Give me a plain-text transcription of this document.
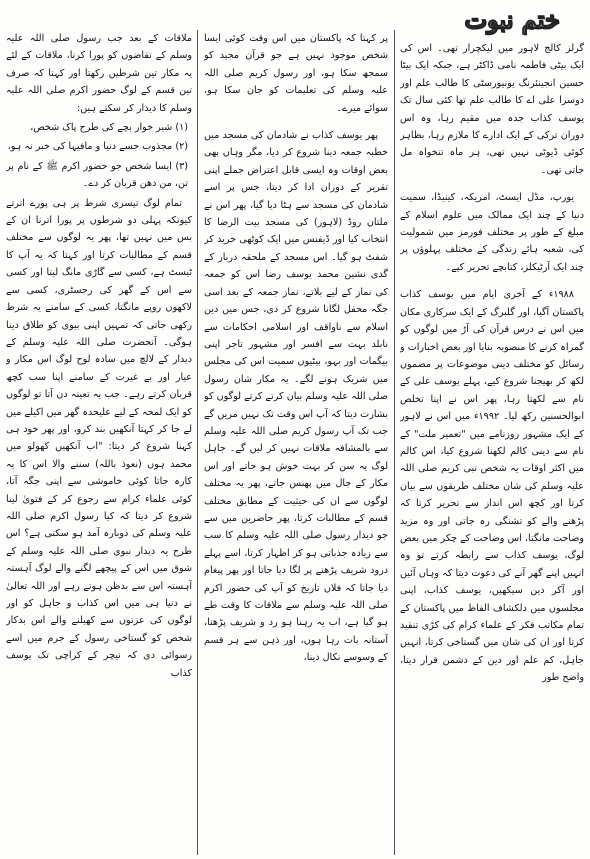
ختم نبوت

گرلز کالج لاہور میں لیکچرار تھی۔ اس کی ایک بیٹی فاطمہ نامی ڈاکٹر ہے، جبکہ ایک بیٹا حسین انجینئرنگ یونیورسٹی کا طالب علم اور دوسرا علی اے کا طالب علم تھا کئی سال تک یوسف کذاب جدہ میں مقیم رہا، وہ اس دوران ترکی کے ایک ادارے کا ملازم رہا، بظاہر کوئی ڈیوٹی نہیں تھی، ہر ماہ تنخواہ مل جاتی تھی۔

یورپ، مڈل ایسٹ، امریکہ، کینیڈا، سمیت دنیا کے چند ایک ممالک میں علوم اسلام کے مبلغ کے طور پر مختلف فورمز میں شمولیت کی، شعبہ ہائے زندگی کے مختلف پہلوؤں پر چند ایک آرٹیکلز، کتابچے تحریر کیے۔

۱۹۸۸ء کے آخری ایام میں یوسف کذاب پاکستان آگیا، اور گلبرگ کے ایک سرکاری مکان میں اس نے درس قرآن کی آڑ میں لوگوں کو گمراہ کرنے کا منصوبہ بنایا اور بعض اخبارات و رسائل کو مختلف دینی موضوعات پر مضمون لکھ کر بھیجنا شروع کیے، پہلے یوسف علی کے نام سے لکھتا رہا، پھر اس نے اپنا تخلص ابوالحسنین رکھ لیا۔ ۱۹۹۲ء میں اس نے لاہور کے ایک مشہور روزنامے میں "تعمیر ملت" کے نام سے دینی کالم لکھنا شروع کیا، اس کالم میں اکثر اوقات یہ شخص نبی کریم صلی اللہ علیہ وسلم کی شان مختلف طریقوں سے بیان کرتا اور کچھ اس انداز سے تحریر کرتا کہ پڑھنے والے کو تشنگی رہ جاتی اور وہ مزید وضاحت مانگتا، اس وضاحت کے چکر میں بعض لوگ، یوسف کذاب سے رابطہ کرتے تو وہ انہیں اپنے گھر آنے کی دعوت دیتا کہ وہاں آئیں اور آکر دین سیکھیں، یوسف کذاب، اپنی مجلسوں میں دلکشاف الفاظ میں پاکستان کے تمام مکاتب فکر کے علماء کرام کی کڑی تنقید کرتا اور ان کی شان میں گستاخی کرتا، انہیں جاہل، کم علم اور دین کے دشمن قرار دیتا، واضح طور

پر کہتا کہ پاکستان میں اس وقت کوئی ایسا شخص موجود نہیں ہے جو قرآن مجید کو سمجھ سکا ہو، اور رسول کریم صلی اللہ علیہ وسلم کی تعلیمات کو جان سکا ہو، سوائے میرے۔

پھر یوسف کذاب نے شادمان کی مسجد میں خطبہ جمعہ دینا شروع کر دیا، مگر وہاں بھی بعض اوقات وہ ایسی قابل اعتراض جملے اپنی تقریر کے دوران ادا کر دیتا، جس پر اسے شادمان کی مسجد سے ہٹا دیا گیا، پھر اس نے ملتان روڈ (لاہور) کی مسجد بیت الرضا کا انتخاب کیا اور ڈیفنس میں ایک کوٹھی خرید کر شفٹ ہو گیا۔ اس مسجد کے ملحقہ دربار کے گدی نشین محمد یوسف رضا اس کو جمعہ کی نماز کے لیے بلاتے، نماز جمعہ کے بعد اسی جگہ محفل لگانا شروع کر دی، جس میں دین اسلام سے ناواقف اور اسلامی احکامات سے نابلد بہت سے افسر اور مشہور تاجر اپنی بیگمات اور بہو، بیٹیوں سمیت اس کی مجلس میں شریک ہونے لگے۔ یہ مکار شان رسول صلی اللہ علیہ وسلم بیان کرتے کرتے لوگوں کو بشارت دیتا کہ آپ اس وقت تک نہیں مریں گے جب تک آپ رسول کریم صلی اللہ علیہ وسلم سے بالمشافہ ملاقات نہیں کر لیں گے۔ جاہل لوگ یہ سن کر بہت خوش ہو جاتے اور اس مکار کے جال میں پھنس جاتے، پھر یہ مختلف لوگوں سے ان کی حیثیت کے مطابق مختلف قسم کے مطالبات کرتا، پھر حاضرین میں سے جو دیدار رسول صلی اللہ علیہ وسلم کا سب سے زیادہ جذباتی ہو کر اظہار کرتا، اسے پہلے درود شریف پڑھنے پر لگا دیا جاتا اور پھر پیغام دیا جاتا کہ فلاں تاریخ کو آپ کی حضور اکرم صلی اللہ علیہ وسلم سے ملاقات کا وقت طے ہو گیا ہے، اب یہ رہنا ہو رد و شریف پڑھنا، آستانہ بات رہا ہوں، اور ذہن سے ہر قسم کے وسوسے نکال دینا،

ملاقات کے بعد جب رسول صلی اللہ علیہ وسلم کے تقاضوں کو پورا کرنا، ملاقات کے لئے یہ مکار تین شرطیں رکھتا اور کہتا کہ صرف تین قسم کے لوگ حضور اکرم صلی اللہ علیہ وسلم کا دیدار کر سکتے ہیں:

(۱) شیر خوار بچے کی طرح پاک شخص،

(۲) مجذوب جسے دنیا و مافیہا کی خبر نہ ہو،

(۳) ایسا شخص جو حضور اکرم ﷺ کے نام پر تن، من دھن قربان کر دے۔

تمام لوگ تیسری شرط پر ہی پورے اترتے کیونکہ پہلی دو شرطوں پر پورا اترنا ان کے بس میں نہیں تھا، پھر یہ لوگوں سے مختلف قسم کے مطالبات کرتا اور کہتا کہ یہ آپ کا ٹیسٹ ہے، کسی سے گاڑی مانگ لیتا اور کسی سے اس کے گھر کی رجسٹری، کسی سے لاکھوں روپے مانگتا، کسی کے سامنے یہ شرط رکھی جاتی کہ تمہیں اپنی بیوی کو طلاق دینا ہوگی۔ آنحضرت صلی اللہ علیہ وسلم کے دیدار کے لالچ میں سادہ لوح لوگ اس مکار و عیار اور بے غیرت کے سامنے اپنا سب کچھ قربان کرتے رہے۔ جب یہ تعینہ دن آتا تو لوگوں کو ایک لمحہ کے لیے علیحدہ گھر میں اکیلے میں لے جا کر کہتا آنکھیں بند کرو، اور پھر خود ہی کہنا شروع کر دیتا: "اب آنکھیں کھولو میں محمد ہوں (نعوذ باللہ) سننے والا اس کا یہ کارہ جاتا کوئی خاموشی سے اپنی جگہ آتا، کوئی علماء کرام سے رجوع کر کے فتویٰ لینا شروع کر دیتا کہ کیا رسول اکرم صلی اللہ علیہ وسلم کی دوبارہ آمد ہو سکتی ہے؟ اس طرح یہ دیدار نبوی صلی اللہ علیہ وسلم کے شوق میں اس کے پیچھے لگنے والے لوگ آہستہ آہستہ اس سے بدظن ہوتے رہے اور اللہ تعالیٰ نے دنیا ہی میں اس کذاب و جاہل کو اور لوگوں کی عزتوں سے کھیلنے والے اس بدکار شخص کو گستاخی رسول کے جرم میں اسے رسوائی دی کہ نیچر کے کراچی تک یوسف کذاب
